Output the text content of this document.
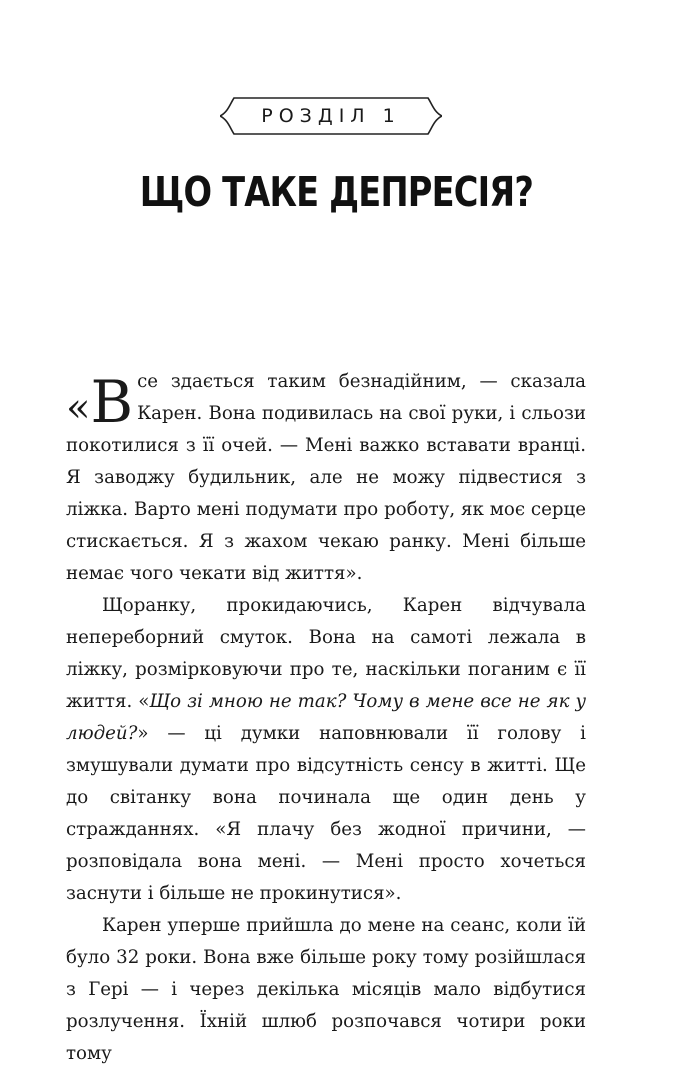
РОЗДІЛ 1
ЩО ТАКЕ ДЕПРЕСІЯ?

« В се здається таким безнадійним, — сказала Карен. Вона подивилась на свої руки, і сльози покотилися з її очей. — Мені важко вставати вранці. Я заводжу будильник, але не можу підвестися з ліжка. Варто мені подумати про роботу, як моє серце стискається. Я з жахом чекаю ранку. Мені більше немає чого чекати від життя».

Щоранку, прокидаючись, Карен відчувала непереборний смуток. Вона на самоті лежала в ліжку, розмірковуючи про те, наскільки поганим є її життя. «Що зі мною не так? Чому в мене все не як у людей?» — ці думки наповнювали її голову і змушували думати про відсутність сенсу в житті. Ще до світанку вона починала ще один день у стражданнях. «Я плачу без жодної причини, — розповідала вона мені. — Мені просто хочеться заснути і більше не прокинутися».

Карен уперше прийшла до мене на сеанс, коли їй було 32 роки. Вона вже більше року тому розійшлася з Гері — і через декілька місяців мало відбутися розлучення. Їхній шлюб розпочався чотири роки тому
